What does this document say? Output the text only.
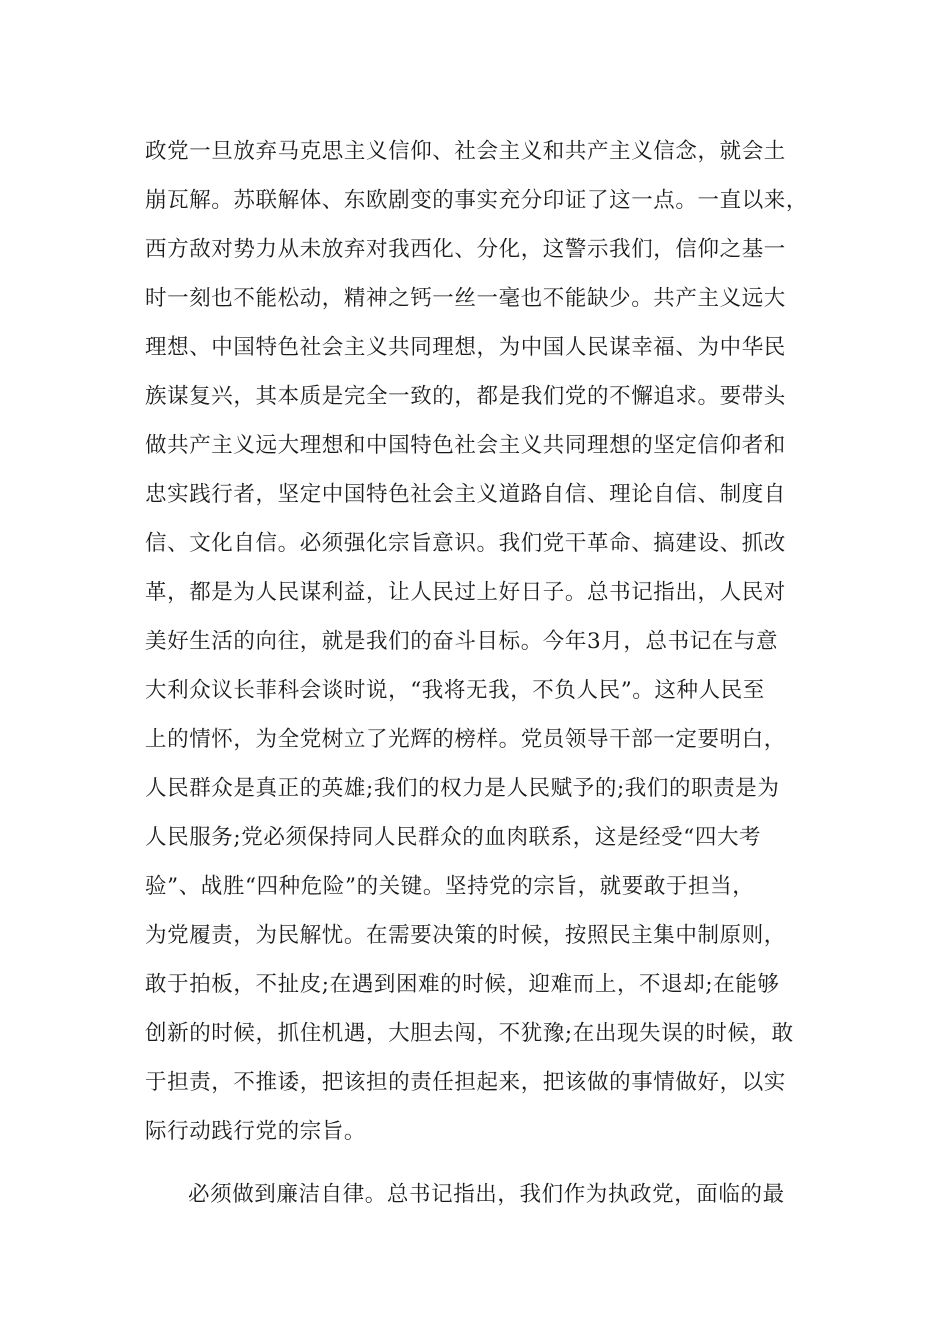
政党一旦放弃马克思主义信仰、社会主义和共产主义信念，就会土

崩瓦解。苏联解体、东欧剧变的事实充分印证了这一点。一直以来，

西方敌对势力从未放弃对我西化、分化，这警示我们，信仰之基一

时一刻也不能松动，精神之钙一丝一毫也不能缺少。共产主义远大

理想、中国特色社会主义共同理想，为中国人民谋幸福、为中华民

族谋复兴，其本质是完全一致的，都是我们党的不懈追求。要带头

做共产主义远大理想和中国特色社会主义共同理想的坚定信仰者和

忠实践行者，坚定中国特色社会主义道路自信、理论自信、制度自

信、文化自信。必须强化宗旨意识。我们党干革命、搞建设、抓改

革，都是为人民谋利益，让人民过上好日子。总书记指出，人民对

美好生活的向往，就是我们的奋斗目标。今年3月，总书记在与意

大利众议长菲科会谈时说，“我将无我，不负人民”。这种人民至

上的情怀，为全党树立了光辉的榜样。党员领导干部一定要明白，

人民群众是真正的英雄;我们的权力是人民赋予的;我们的职责是为

人民服务;党必须保持同人民群众的血肉联系，这是经受“四大考

验”、战胜“四种危险”的关键。坚持党的宗旨，就要敢于担当，

为党履责，为民解忧。在需要决策的时候，按照民主集中制原则，

敢于拍板，不扯皮;在遇到困难的时候，迎难而上，不退却;在能够

创新的时候，抓住机遇，大胆去闯，不犹豫;在出现失误的时候，敢

于担责，不推诿，把该担的责任担起来，把该做的事情做好，以实

际行动践行党的宗旨。

必须做到廉洁自律。总书记指出，我们作为执政党，面临的最
